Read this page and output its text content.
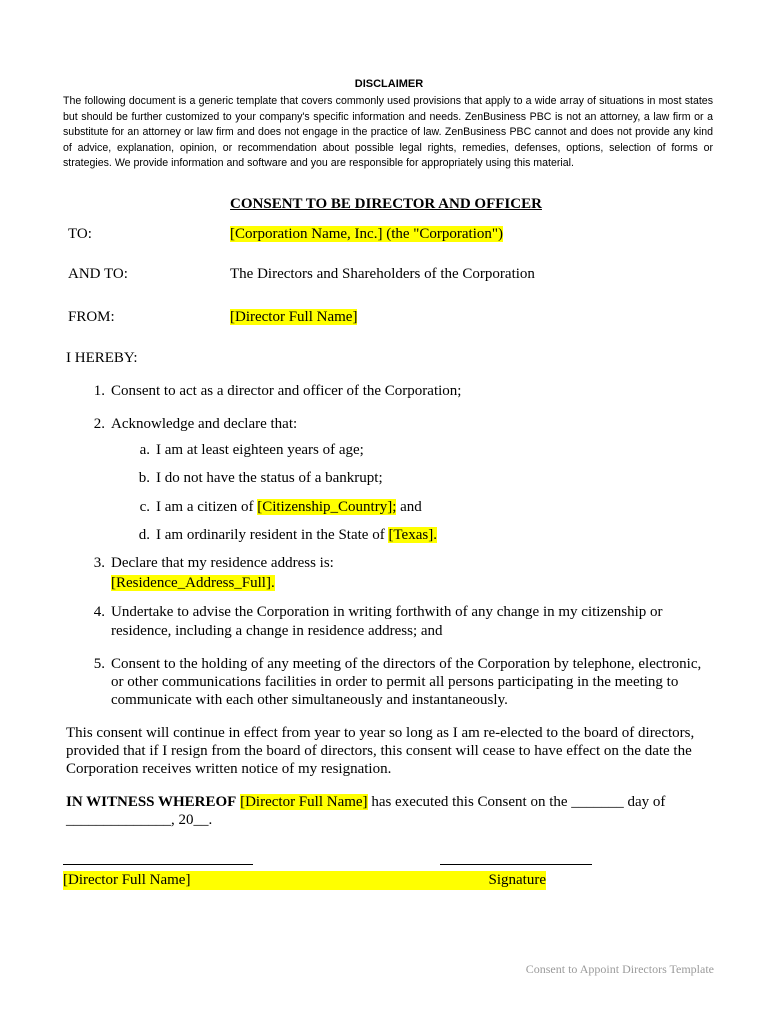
DISCLAIMER
The following document is a generic template that covers commonly used provisions that apply to a wide array of situations in most states but should be further customized to your company's specific information and needs. ZenBusiness PBC is not an attorney, a law firm or a substitute for an attorney or law firm and does not engage in the practice of law. ZenBusiness PBC cannot and does not provide any kind of advice, explanation, opinion, or recommendation about possible legal rights, remedies, defenses, options, selection of forms or strategies. We provide information and software and you are responsible for appropriately using this material.
CONSENT TO BE DIRECTOR AND OFFICER
TO:	[Corporation Name, Inc.] (the "Corporation")
AND TO:	The Directors and Shareholders of the Corporation
FROM:	[Director Full Name]
I HEREBY:
1. Consent to act as a director and officer of the Corporation;
2. Acknowledge and declare that:
a. I am at least eighteen years of age;
b. I do not have the status of a bankrupt;
c. I am a citizen of [Citizenship_Country]; and
d. I am ordinarily resident in the State of [Texas].
3. Declare that my residence address is:
[Residence_Address_Full].
4. Undertake to advise the Corporation in writing forthwith of any change in my citizenship or
residence, including a change in residence address; and
5. Consent to the holding of any meeting of the directors of the Corporation by telephone, electronic,
or other communications facilities in order to permit all persons participating in the meeting to
communicate with each other simultaneously and instantaneously.
This consent will continue in effect from year to year so long as I am re-elected to the board of directors,
provided that if I resign from the board of directors, this consent will cease to have effect on the date the
Corporation receives written notice of my resignation.
IN WITNESS WHEREOF [Director Full Name] has executed this Consent on the _______ day of
______________, 20__.
[Director Full Name]	Signature
Consent to Appoint Directors Template
